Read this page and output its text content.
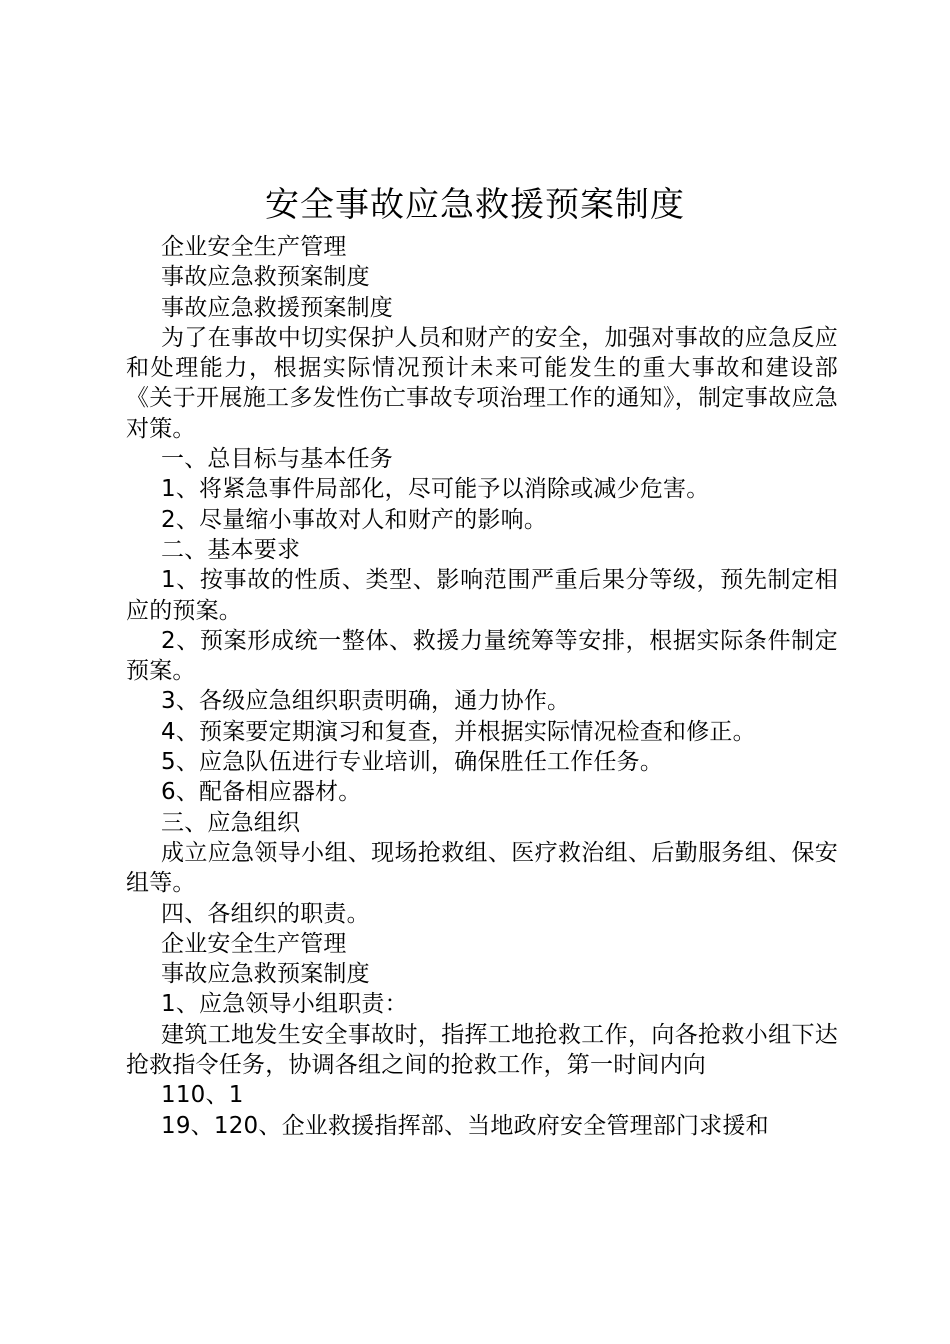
安全事故应急救援预案制度

企业安全生产管理

事故应急救预案制度

事故应急救援预案制度

为了在事故中切实保护人员和财产的安全，加强对事故的应急反应和处理能力，根据实际情况预计未来可能发生的重大事故和建设部《关于开展施工多发性伤亡事故专项治理工作的通知》，制定事故应急对策。

一、总目标与基本任务

1、将紧急事件局部化，尽可能予以消除或减少危害。

2、尽量缩小事故对人和财产的影响。

二、基本要求

1、按事故的性质、类型、影响范围严重后果分等级，预先制定相应的预案。

2、预案形成统一整体、救援力量统筹等安排，根据实际条件制定预案。

3、各级应急组织职责明确，通力协作。

4、预案要定期演习和复查，并根据实际情况检查和修正。

5、应急队伍进行专业培训，确保胜任工作任务。

6、配备相应器材。

三、应急组织

成立应急领导小组、现场抢救组、医疗救治组、后勤服务组、保安组等。

四、各组织的职责。

企业安全生产管理

事故应急救预案制度

1、应急领导小组职责：

建筑工地发生安全事故时，指挥工地抢救工作，向各抢救小组下达抢救指令任务，协调各组之间的抢救工作，第一时间内向

110、1

19、120、企业救援指挥部、当地政府安全管理部门求援和
